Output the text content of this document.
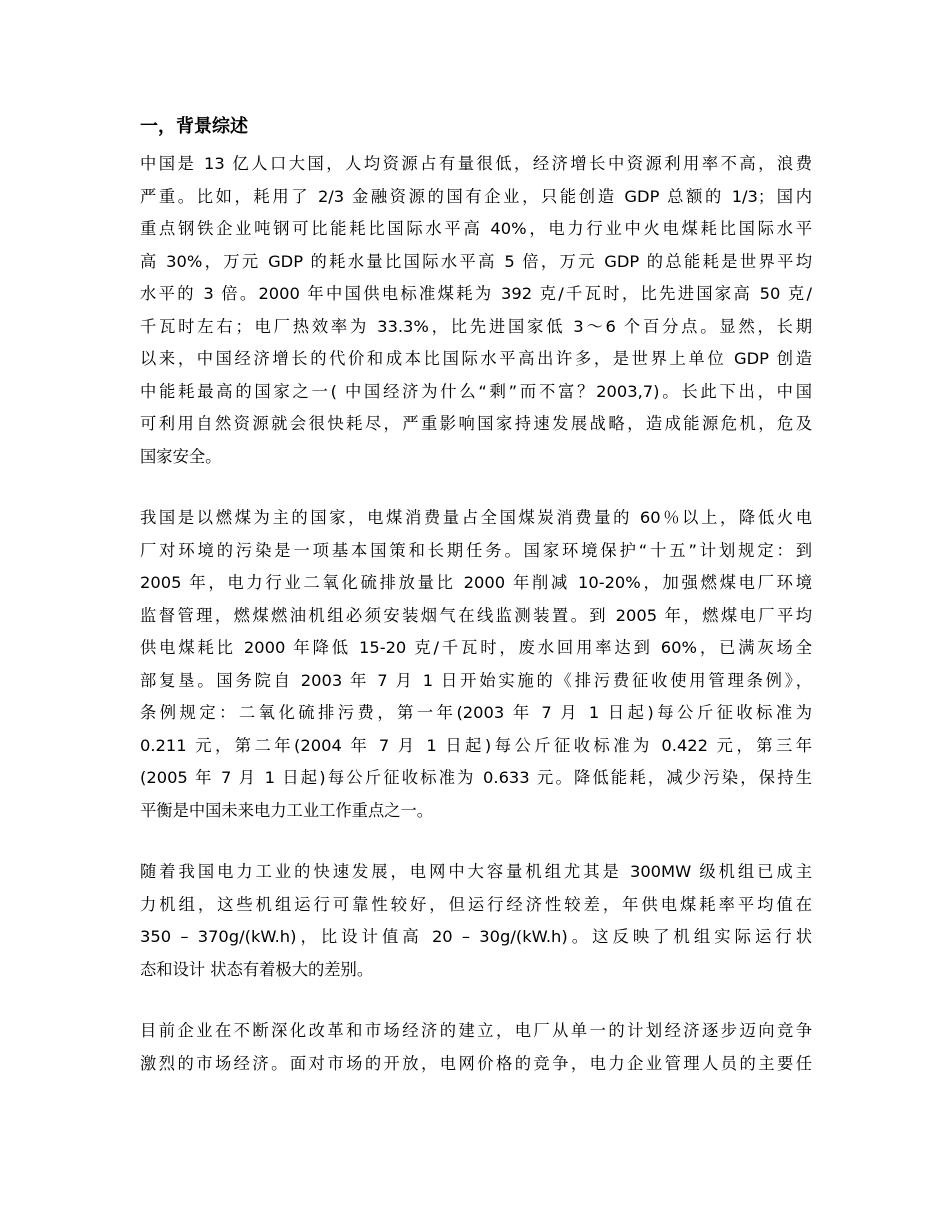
一，背景综述

中国是 13 亿人口大国，人均资源占有量很低，经济增长中资源利用率不高，浪费
严重。比如，耗用了 2/3 金融资源的国有企业，只能创造 GDP 总额的 1/3；国内
重点钢铁企业吨钢可比能耗比国际水平高 40%，电力行业中火电煤耗比国际水平
高 30%，万元 GDP 的耗水量比国际水平高 5 倍，万元 GDP 的总能耗是世界平均
水平的 3 倍。2000 年中国供电标准煤耗为 392 克/千瓦时，比先进国家高 50 克/
千瓦时左右；电厂热效率为 33.3%，比先进国家低 3～6 个百分点。显然，长期
以来，中国经济增长的代价和成本比国际水平高出许多，是世界上单位 GDP 创造
中能耗最高的国家之一( 中国经济为什么“剩”而不富？2003,7)。长此下出，中国
可利用自然资源就会很快耗尽，严重影响国家持速发展战略，造成能源危机，危及
国家安全。

我国是以燃煤为主的国家，电煤消费量占全国煤炭消费量的 60％以上，降低火电
厂对环境的污染是一项基本国策和长期任务。国家环境保护“十五”计划规定：到
2005 年，电力行业二氧化硫排放量比 2000 年削减 10-20%，加强燃煤电厂环境
监督管理，燃煤燃油机组必须安装烟气在线监测装置。到 2005 年，燃煤电厂平均
供电煤耗比 2000 年降低 15-20 克/千瓦时，废水回用率达到 60%，已满灰场全
部复垦。国务院自 2003 年 7 月 1 日开始实施的《排污费征收使用管理条例》，
条例规定：二氧化硫排污费，第一年(2003 年 7 月 1 日起)每公斤征收标准为
0.211 元，第二年(2004 年 7 月 1 日起)每公斤征收标准为 0.422 元，第三年
(2005 年 7 月 1 日起)每公斤征收标准为 0.633 元。降低能耗，减少污染，保持生
平衡是中国未来电力工业工作重点之一。

随着我国电力工业的快速发展，电网中大容量机组尤其是 300MW 级机组已成主
力机组，这些机组运行可靠性较好，但运行经济性较差，年供电煤耗率平均值在
350 – 370g/(kW.h)，比设计值高 20 – 30g/(kW.h)。这反映了机组实际运行状
态和设计 状态有着极大的差别。

目前企业在不断深化改革和市场经济的建立，电厂从单一的计划经济逐步迈向竞争
激烈的市场经济。面对市场的开放，电网价格的竞争，电力企业管理人员的主要任
